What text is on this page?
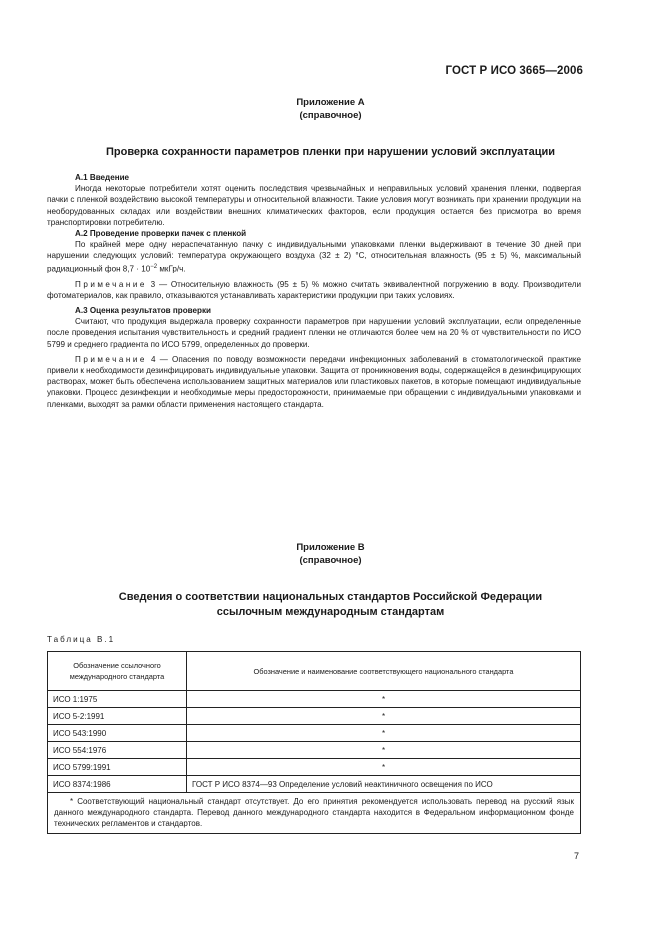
ГОСТ Р ИСО 3665—2006
Приложение А
(справочное)
Проверка сохранности параметров пленки при нарушении условий эксплуатации

А.1 Введение

Иногда некоторые потребители хотят оценить последствия чрезвычайных и неправильных условий хранения пленки, подвергая пачки с пленкой воздействию высокой температуры и относительной влажности. Такие условия могут возникать при хранении продукции на необорудованных складах или воздействии внешних климатических факторов, если продукция остается без присмотра во время транспортировки потребителю.

А.2 Проведение проверки пачек с пленкой

По крайней мере одну нераспечатанную пачку с индивидуальными упаковками пленки выдерживают в течение 30 дней при нарушении следующих условий: температура окружающего воздуха (32 ± 2) °С, относительная влажность (95 ± 5) %, максимальный радиационный фон $8,7 \cdot 10^{-2}$ мкГр/ч.

Примечание 3 — Относительную влажность (95 ± 5) % можно считать эквивалентной погружению в воду. Производители фотоматериалов, как правило, отказываются устанавливать характеристики продукции при таких условиях.

А.3 Оценка результатов проверки

Считают, что продукция выдержала проверку сохранности параметров при нарушении условий эксплуатации, если определенные после проведения испытания чувствительность и средний градиент пленки не отличаются более чем на 20 % от чувствительности по ИСО 5799 и среднего градиента по ИСО 5799, определенных до проверки.

Примечание 4 — Опасения по поводу возможности передачи инфекционных заболеваний в стоматологической практике привели к необходимости дезинфицировать индивидуальные упаковки. Защита от проникновения воды, содержащейся в дезинфицирующих растворах, может быть обеспечена использованием защитных материалов или пластиковых пакетов, в которые помещают индивидуальные упаковки. Процесс дезинфекции и необходимые меры предосторожности, принимаемые при обращении с индивидуальными упаковками и пленками, выходят за рамки области применения настоящего стандарта.

Приложение В
(справочное)
Сведения о соответствии национальных стандартов Российской Федерации
ссылочным международным стандартам
Таблица В.1
Обозначение ссылочного международного стандарта	Обозначение и наименование соответствующего национального стандарта
ИСО 1:1975	*
ИСО 5-2:1991	*
ИСО 543:1990	*
ИСО 554:1976	*
ИСО 5799:1991	*
ИСО 8374:1986	ГОСТ Р ИСО 8374—93 Определение условий неактиничного освещения по ИСО

* Соответствующий национальный стандарт отсутствует. До его принятия рекомендуется использовать перевод на русский язык данного международного стандарта. Перевод данного международного стандарта находится в Федеральном информационном фонде технических регламентов и стандартов.	
7
